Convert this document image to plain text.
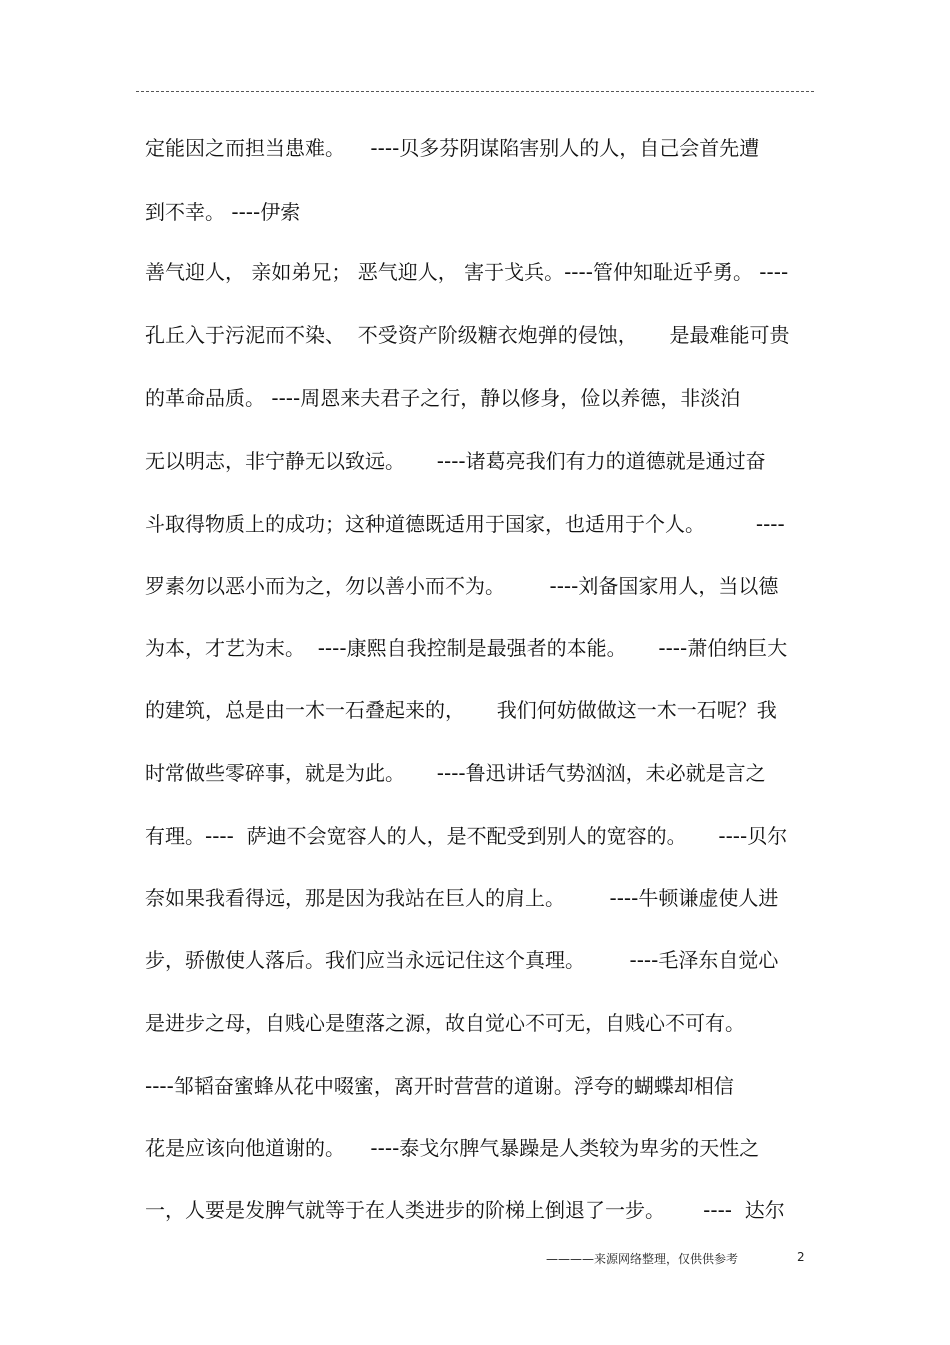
定能因之而担当患难。    ----贝多芬阴谋陷害别人的人，自己会首先遭
到不幸。 ----伊索
善气迎人， 亲如弟兄； 恶气迎人， 害于戈兵。----管仲知耻近乎勇。 ----
孔丘入于污泥而不染、  不受资产阶级糖衣炮弹的侵蚀，     是最难能可贵
的革命品质。 ----周恩来夫君子之行，静以修身，俭以养德，非淡泊
无以明志，非宁静无以致远。     ----诸葛亮我们有力的道德就是通过奋
斗取得物质上的成功；这种道德既适用于国家，也适用于个人。        ----
罗素勿以恶小而为之，勿以善小而不为。       ----刘备国家用人，当以德
为本，才艺为末。  ----康熙自我控制是最强者的本能。     ----萧伯纳巨大
的建筑，总是由一木一石叠起来的，     我们何妨做做这一木一石呢？我
时常做些零碎事，就是为此。     ----鲁迅讲话气势汹汹，未必就是言之
有理。----  萨迪不会宽容人的人，是不配受到别人的宽容的。     ----贝尔
奈如果我看得远，那是因为我站在巨人的肩上。       ----牛顿谦虚使人进
步，骄傲使人落后。我们应当永远记住这个真理。       ----毛泽东自觉心
是进步之母，自贱心是堕落之源，故自觉心不可无，自贱心不可有。
----邹韬奋蜜蜂从花中啜蜜，离开时营营的道谢。浮夸的蝴蝶却相信
花是应该向他道谢的。    ----泰戈尔脾气暴躁是人类较为卑劣的天性之
一，人要是发脾气就等于在人类进步的阶梯上倒退了一步。      ----  达尔
————来源网络整理，仅供供参考	2
